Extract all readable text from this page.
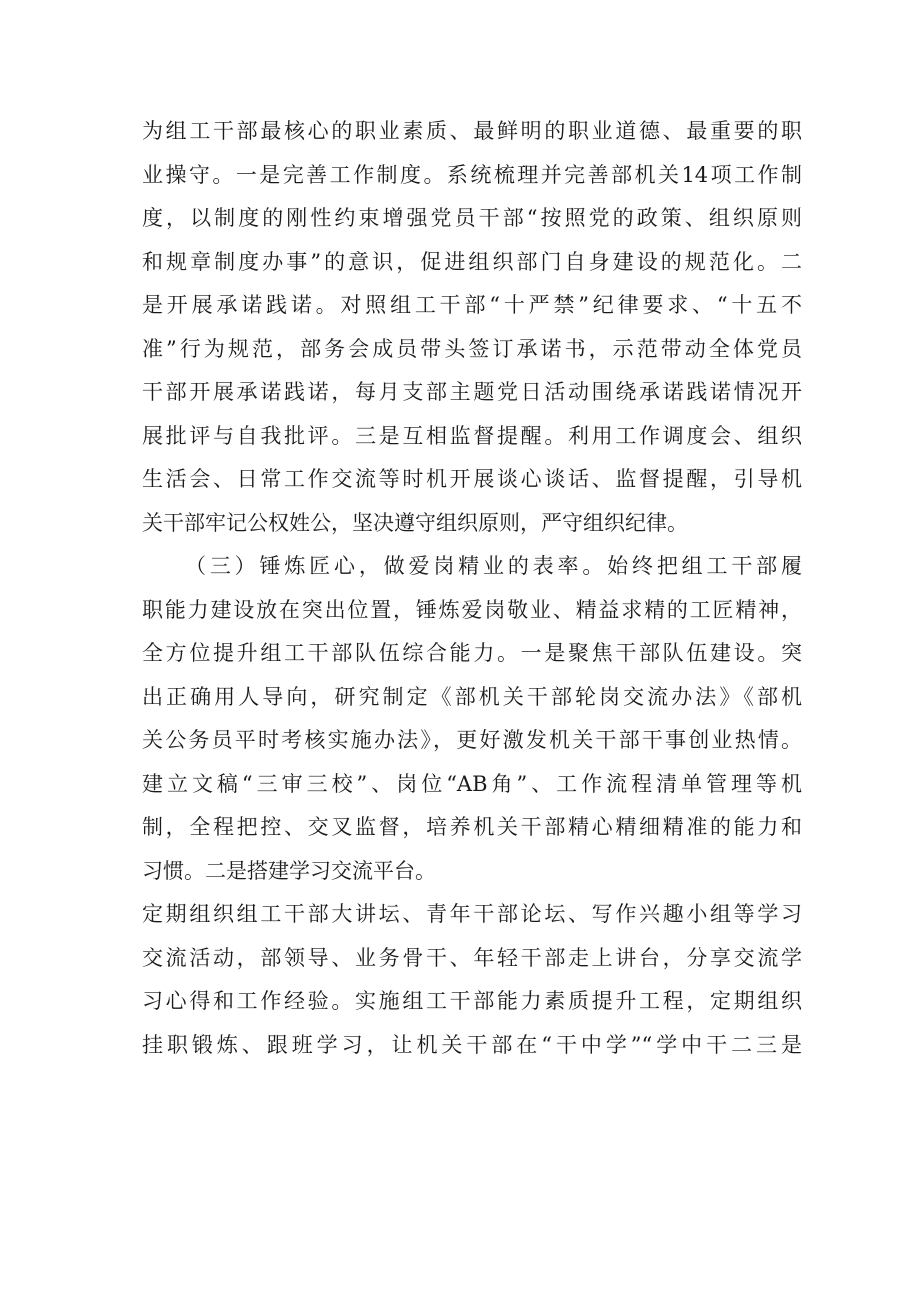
为组工干部最核心的职业素质、最鲜明的职业道德、最重要的职
业操守。一是完善工作制度。系统梳理并完善部机关14项工作制
度，以制度的刚性约束增强党员干部“按照党的政策、组织原则
和规章制度办事”的意识，促进组织部门自身建设的规范化。二
是开展承诺践诺。对照组工干部“十严禁”纪律要求、“十五不
准”行为规范，部务会成员带头签订承诺书，示范带动全体党员
干部开展承诺践诺，每月支部主题党日活动围绕承诺践诺情况开
展批评与自我批评。三是互相监督提醒。利用工作调度会、组织
生活会、日常工作交流等时机开展谈心谈话、监督提醒，引导机
关干部牢记公权姓公，坚决遵守组织原则，严守组织纪律。
（三）锤炼匠心，做爱岗精业的表率。始终把组工干部履
职能力建设放在突出位置，锤炼爱岗敬业、精益求精的工匠精神，
全方位提升组工干部队伍综合能力。一是聚焦干部队伍建设。突
出正确用人导向，研究制定《部机关干部轮岗交流办法》《部机
关公务员平时考核实施办法》，更好激发机关干部干事创业热情。
建立文稿“三审三校”、岗位“AB角”、工作流程清单管理等机
制，全程把控、交叉监督，培养机关干部精心精细精准的能力和
习惯。二是搭建学习交流平台。
定期组织组工干部大讲坛、青年干部论坛、写作兴趣小组等学习
交流活动，部领导、业务骨干、年轻干部走上讲台，分享交流学
习心得和工作经验。实施组工干部能力素质提升工程，定期组织
挂职锻炼、跟班学习，让机关干部在“干中学”“学中干二三是
